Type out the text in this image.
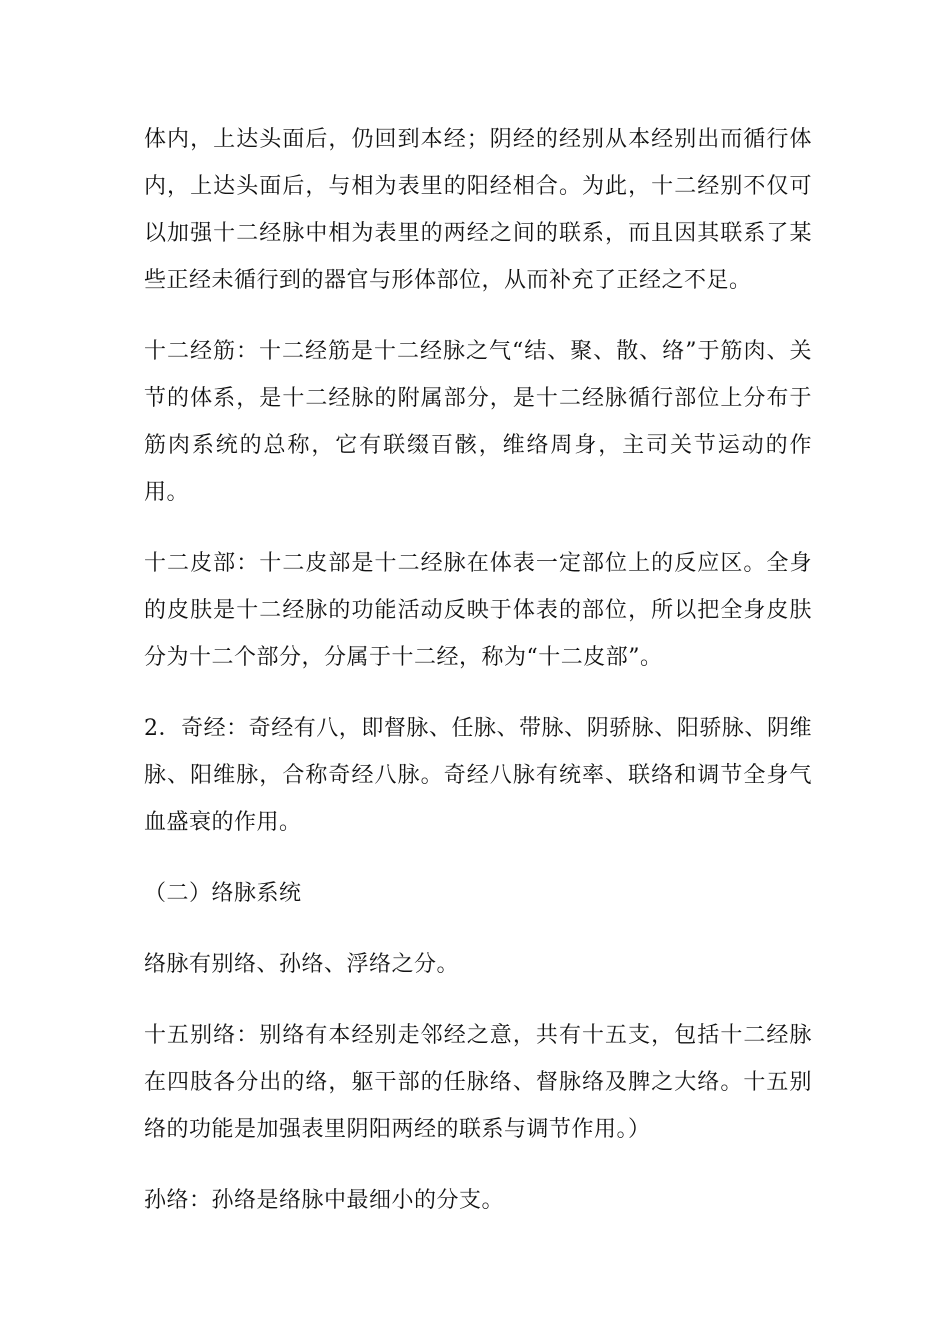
体内，上达头面后，仍回到本经；阴经的经别从本经别出而循行体内，上达头面后，与相为表里的阳经相合。为此，十二经别不仅可以加强十二经脉中相为表里的两经之间的联系，而且因其联系了某些正经未循行到的器官与形体部位，从而补充了正经之不足。

十二经筋：十二经筋是十二经脉之气“结、聚、散、络”于筋肉、关节的体系，是十二经脉的附属部分，是十二经脉循行部位上分布于筋肉系统的总称，它有联缀百骸，维络周身，主司关节运动的作用。

十二皮部：十二皮部是十二经脉在体表一定部位上的反应区。全身的皮肤是十二经脉的功能活动反映于体表的部位，所以把全身皮肤分为十二个部分，分属于十二经，称为“十二皮部”。

2．奇经：奇经有八，即督脉、任脉、带脉、阴骄脉、阳骄脉、阴维脉、阳维脉，合称奇经八脉。奇经八脉有统率、联络和调节全身气血盛衰的作用。

（二）络脉系统

络脉有别络、孙络、浮络之分。

十五别络：别络有本经别走邻经之意，共有十五支，包括十二经脉在四肢各分出的络，躯干部的任脉络、督脉络及脾之大络。十五别络的功能是加强表里阴阳两经的联系与调节作用。）

孙络：孙络是络脉中最细小的分支。
